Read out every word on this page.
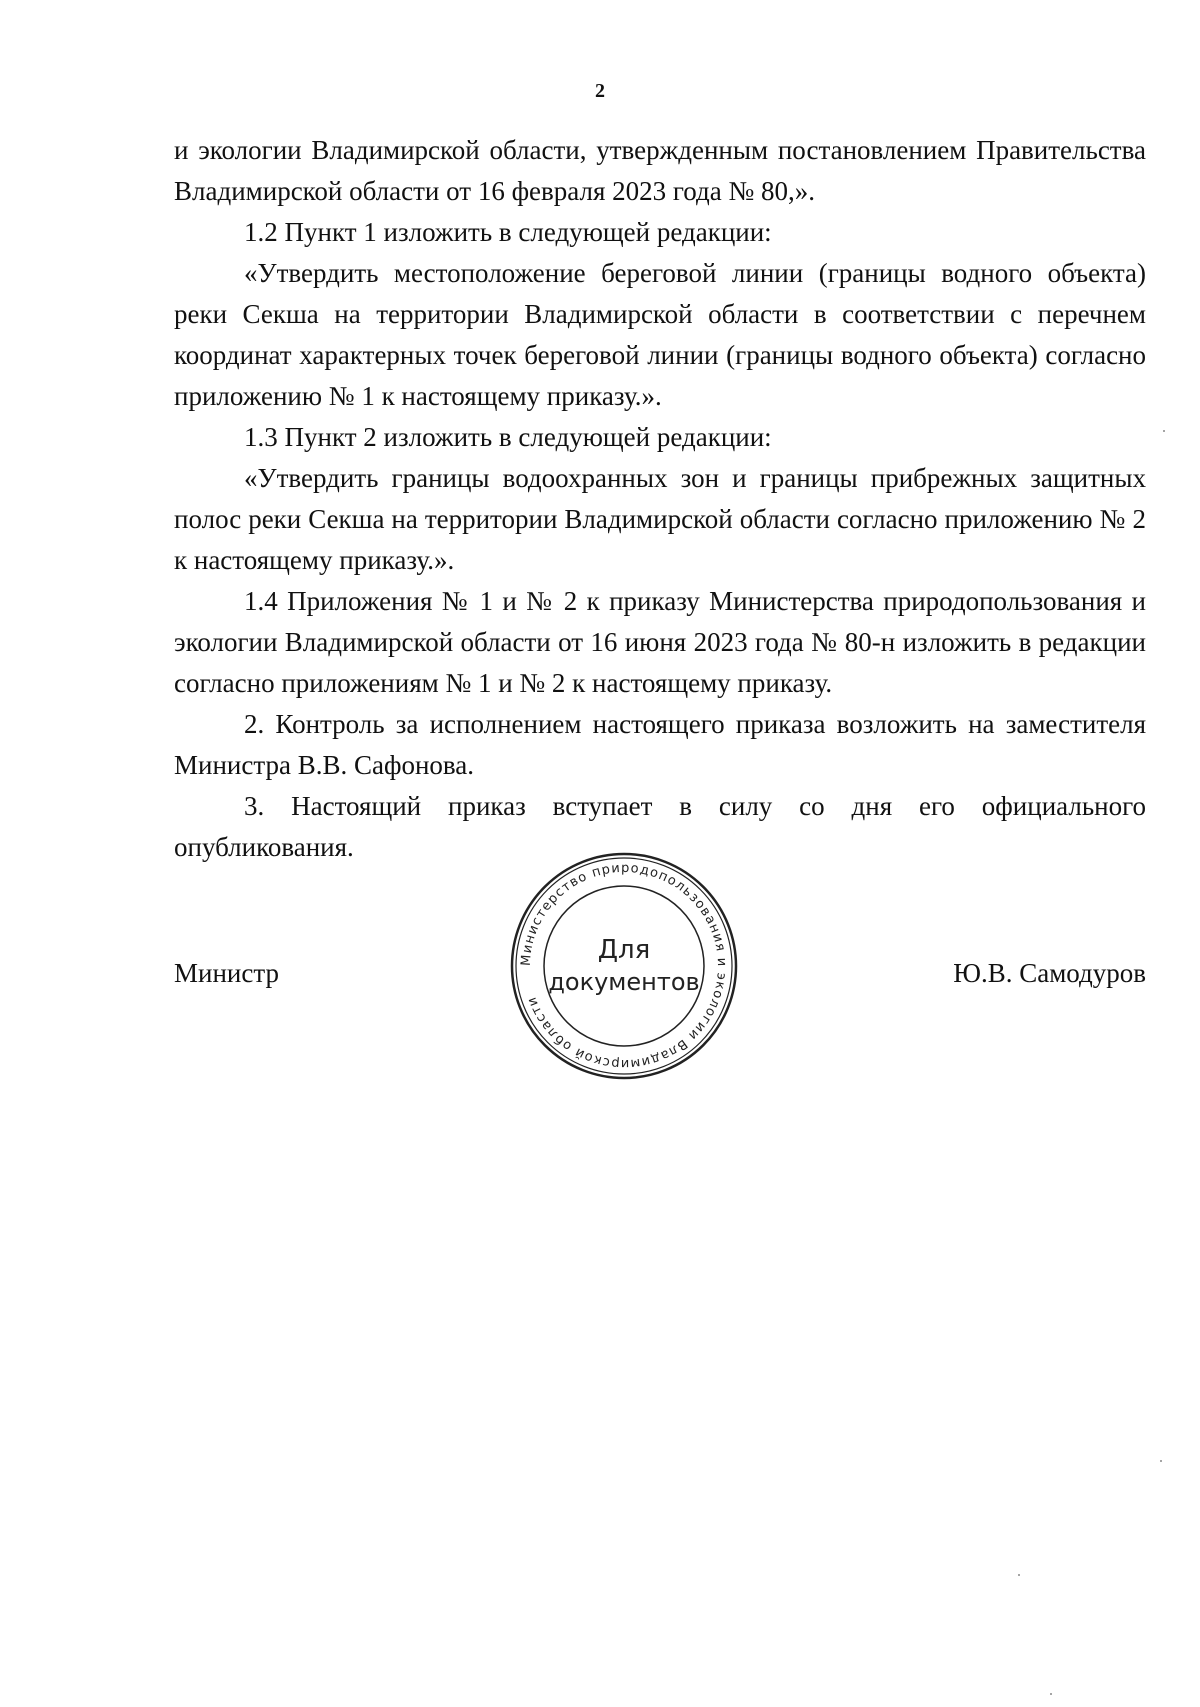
2

и экологии Владимирской области, утвержденным постановлением Правительства Владимирской области от 16 февраля 2023 года № 80,».

1.2 Пункт 1 изложить в следующей редакции:

«Утвердить местоположение береговой линии (границы водного объекта) реки Секша на территории Владимирской области в соответствии с перечнем координат характерных точек береговой линии (границы водного объекта) согласно приложению № 1 к настоящему приказу.».

1.3 Пункт 2 изложить в следующей редакции:

«Утвердить границы водоохранных зон и границы прибрежных защитных полос реки Секша на территории Владимирской области согласно приложению № 2 к настоящему приказу.».

1.4 Приложения № 1 и № 2 к приказу Министерства природопользования и экологии Владимирской области от 16 июня 2023 года № 80-н изложить в редакции согласно приложениям № 1 и № 2 к настоящему приказу.

2. Контроль за исполнением настоящего приказа возложить на заместителя Министра В.В. Сафонова.

3. Настоящий приказ вступает в силу со дня его официального опубликования.

Министр	Ю.В. Самодуров
Министерство природопользования и экологии Владимирской области
Для
документов
